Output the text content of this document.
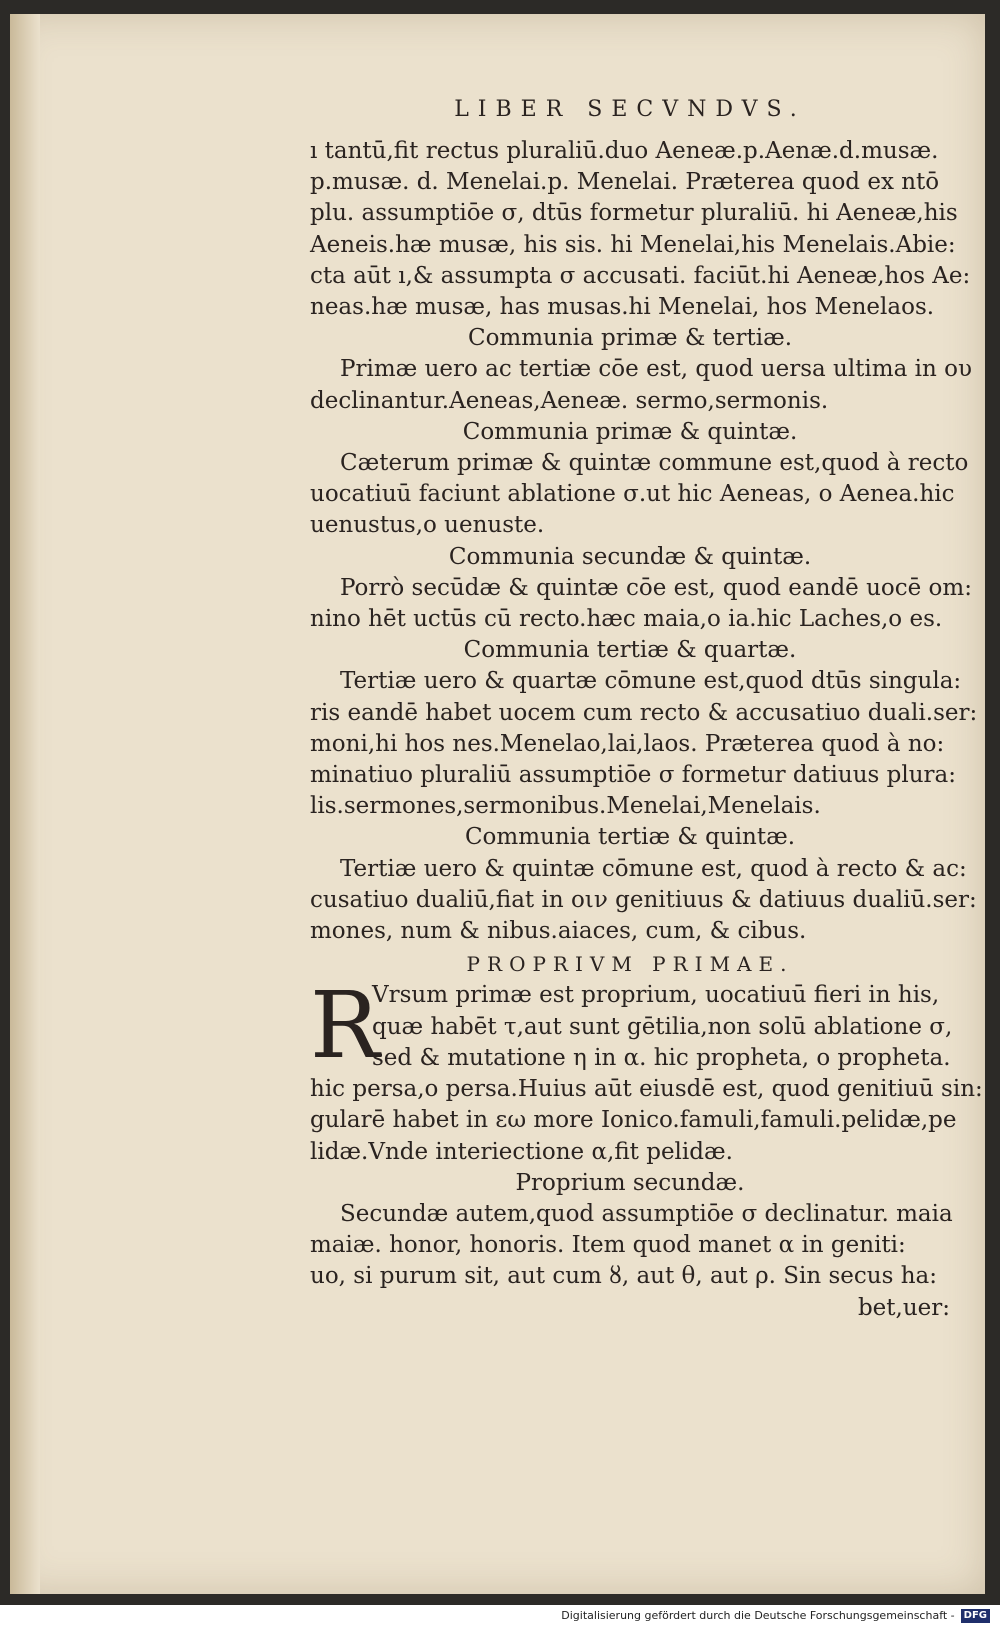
LIBER SECVNDVS.
ı tantū,fit rectus pluraliū.duo Aeneæ.p.Aenæ.d.musæ.
p.musæ. d. Menelai.p. Menelai. Præterea quod ex ntō
plu. assumptiōe σ, dtūs formetur pluraliū. hi Aeneæ,his
Aeneis.hæ musæ, his sis. hi Menelai,his Menelais.Abie:
cta aūt ı,& assumpta σ accusati. faciūt.hi Aeneæ,hos Ae:
neas.hæ musæ, has musas.hi Menelai, hos Menelaos.
Communia primæ & tertiæ.
Primæ uero ac tertiæ cōe est, quod uersa ultima in ου
declinantur.Aeneas,Aeneæ. sermo,sermonis.
Communia primæ & quintæ.
Cæterum primæ & quintæ commune est,quod à recto
uocatiuū faciunt ablatione σ.ut hic Aeneas, o Aenea.hic
uenustus,o uenuste.
Communia secundæ & quintæ.
Porrò secūdæ & quintæ cōe est, quod eandē uocē om:
nino hēt uctūs cū recto.hæc maia,o ia.hic Laches,o es.
Communia tertiæ & quartæ.
Tertiæ uero & quartæ cōmune est,quod dtūs singula:
ris eandē habet uocem cum recto & accusatiuo duali.ser:
moni,hi hos nes.Menelao,lai,laos. Præterea quod à no:
minatiuo pluraliū assumptiōe σ formetur datiuus plura:
lis.sermones,sermonibus.Menelai,Menelais.
Communia tertiæ & quintæ.
Tertiæ uero & quintæ cōmune est, quod à recto & ac:
cusatiuo dualiū,fiat in οιν genitiuus & datiuus dualiū.ser:
mones, num & nibus.aiaces, cum, & cibus.
PROPRIVM PRIMAE.
R
Vrsum primæ est proprium, uocatiuū fieri in his,
quæ habēt τ,aut sunt gētilia,non solū ablatione σ,
sed & mutatione η in α. hic propheta, o propheta.
hic persa,o persa.Huius aūt eiusdē est, quod genitiuū sin:
gularē habet in εω more Ionico.famuli,famuli.pelidæ,pe
lidæ.Vnde interiectione α,fit pelidæ.
Proprium secundæ.
Secundæ autem,quod assumptiōe σ declinatur. maia
maiæ. honor, honoris. Item quod manet α in geniti:
uo, si purum sit, aut cum ȣ, aut θ, aut ρ. Sin secus ha:
bet,uer:
Digitalisierung gefördert durch die Deutsche Forschungsgemeinschaft - DFG
